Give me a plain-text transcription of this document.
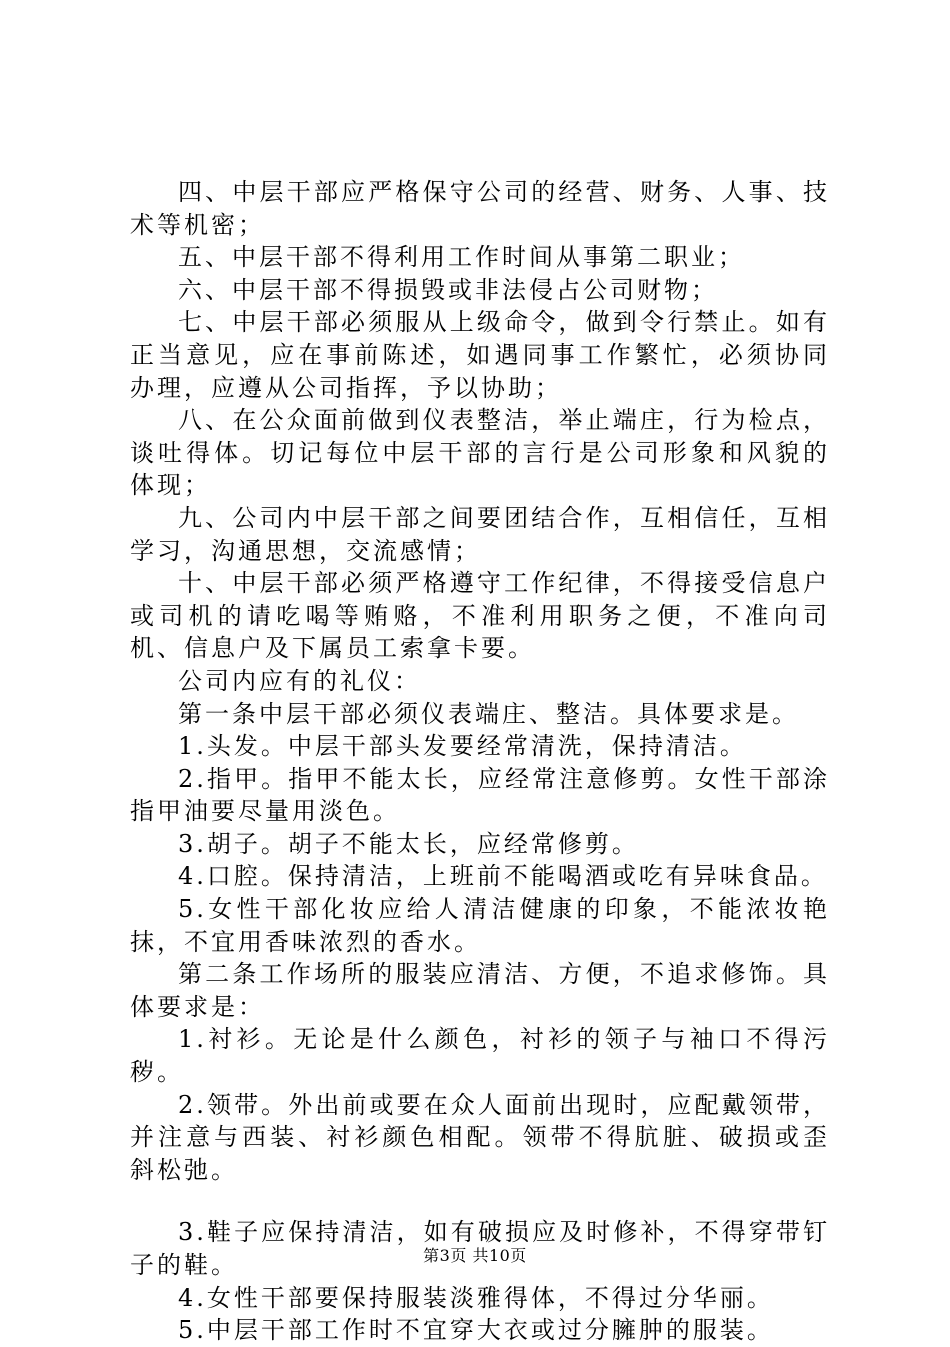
四、中层干部应严格保守公司的经营、财务、人事、技术等机密；

五、中层干部不得利用工作时间从事第二职业；

六、中层干部不得损毁或非法侵占公司财物；

七、中层干部必须服从上级命令，做到令行禁止。如有正当意见，应在事前陈述，如遇同事工作繁忙，必须协同办理，应遵从公司指挥，予以协助；

八、在公众面前做到仪表整洁，举止端庄，行为检点，谈吐得体。切记每位中层干部的言行是公司形象和风貌的体现；

九、公司内中层干部之间要团结合作，互相信任，互相学习，沟通思想，交流感情；

十、中层干部必须严格遵守工作纪律，不得接受信息户或司机的请吃喝等贿赂，不准利用职务之便，不准向司机、信息户及下属员工索拿卡要。

公司内应有的礼仪：

第一条中层干部必须仪表端庄、整洁。具体要求是。

1.头发。中层干部头发要经常清洗，保持清洁。

2.指甲。指甲不能太长，应经常注意修剪。女性干部涂指甲油要尽量用淡色。

3.胡子。胡子不能太长，应经常修剪。

4.口腔。保持清洁，上班前不能喝酒或吃有异味食品。

5.女性干部化妆应给人清洁健康的印象，不能浓妆艳抹，不宜用香味浓烈的香水。

第二条工作场所的服装应清洁、方便，不追求修饰。具体要求是：

1.衬衫。无论是什么颜色，衬衫的领子与袖口不得污秽。

2.领带。外出前或要在众人面前出现时，应配戴领带，并注意与西装、衬衫颜色相配。领带不得肮脏、破损或歪斜松弛。

3.鞋子应保持清洁，如有破损应及时修补，不得穿带钉子的鞋。

4.女性干部要保持服装淡雅得体，不得过分华丽。

5.中层干部工作时不宜穿大衣或过分臃肿的服装。

第3页 共10页
